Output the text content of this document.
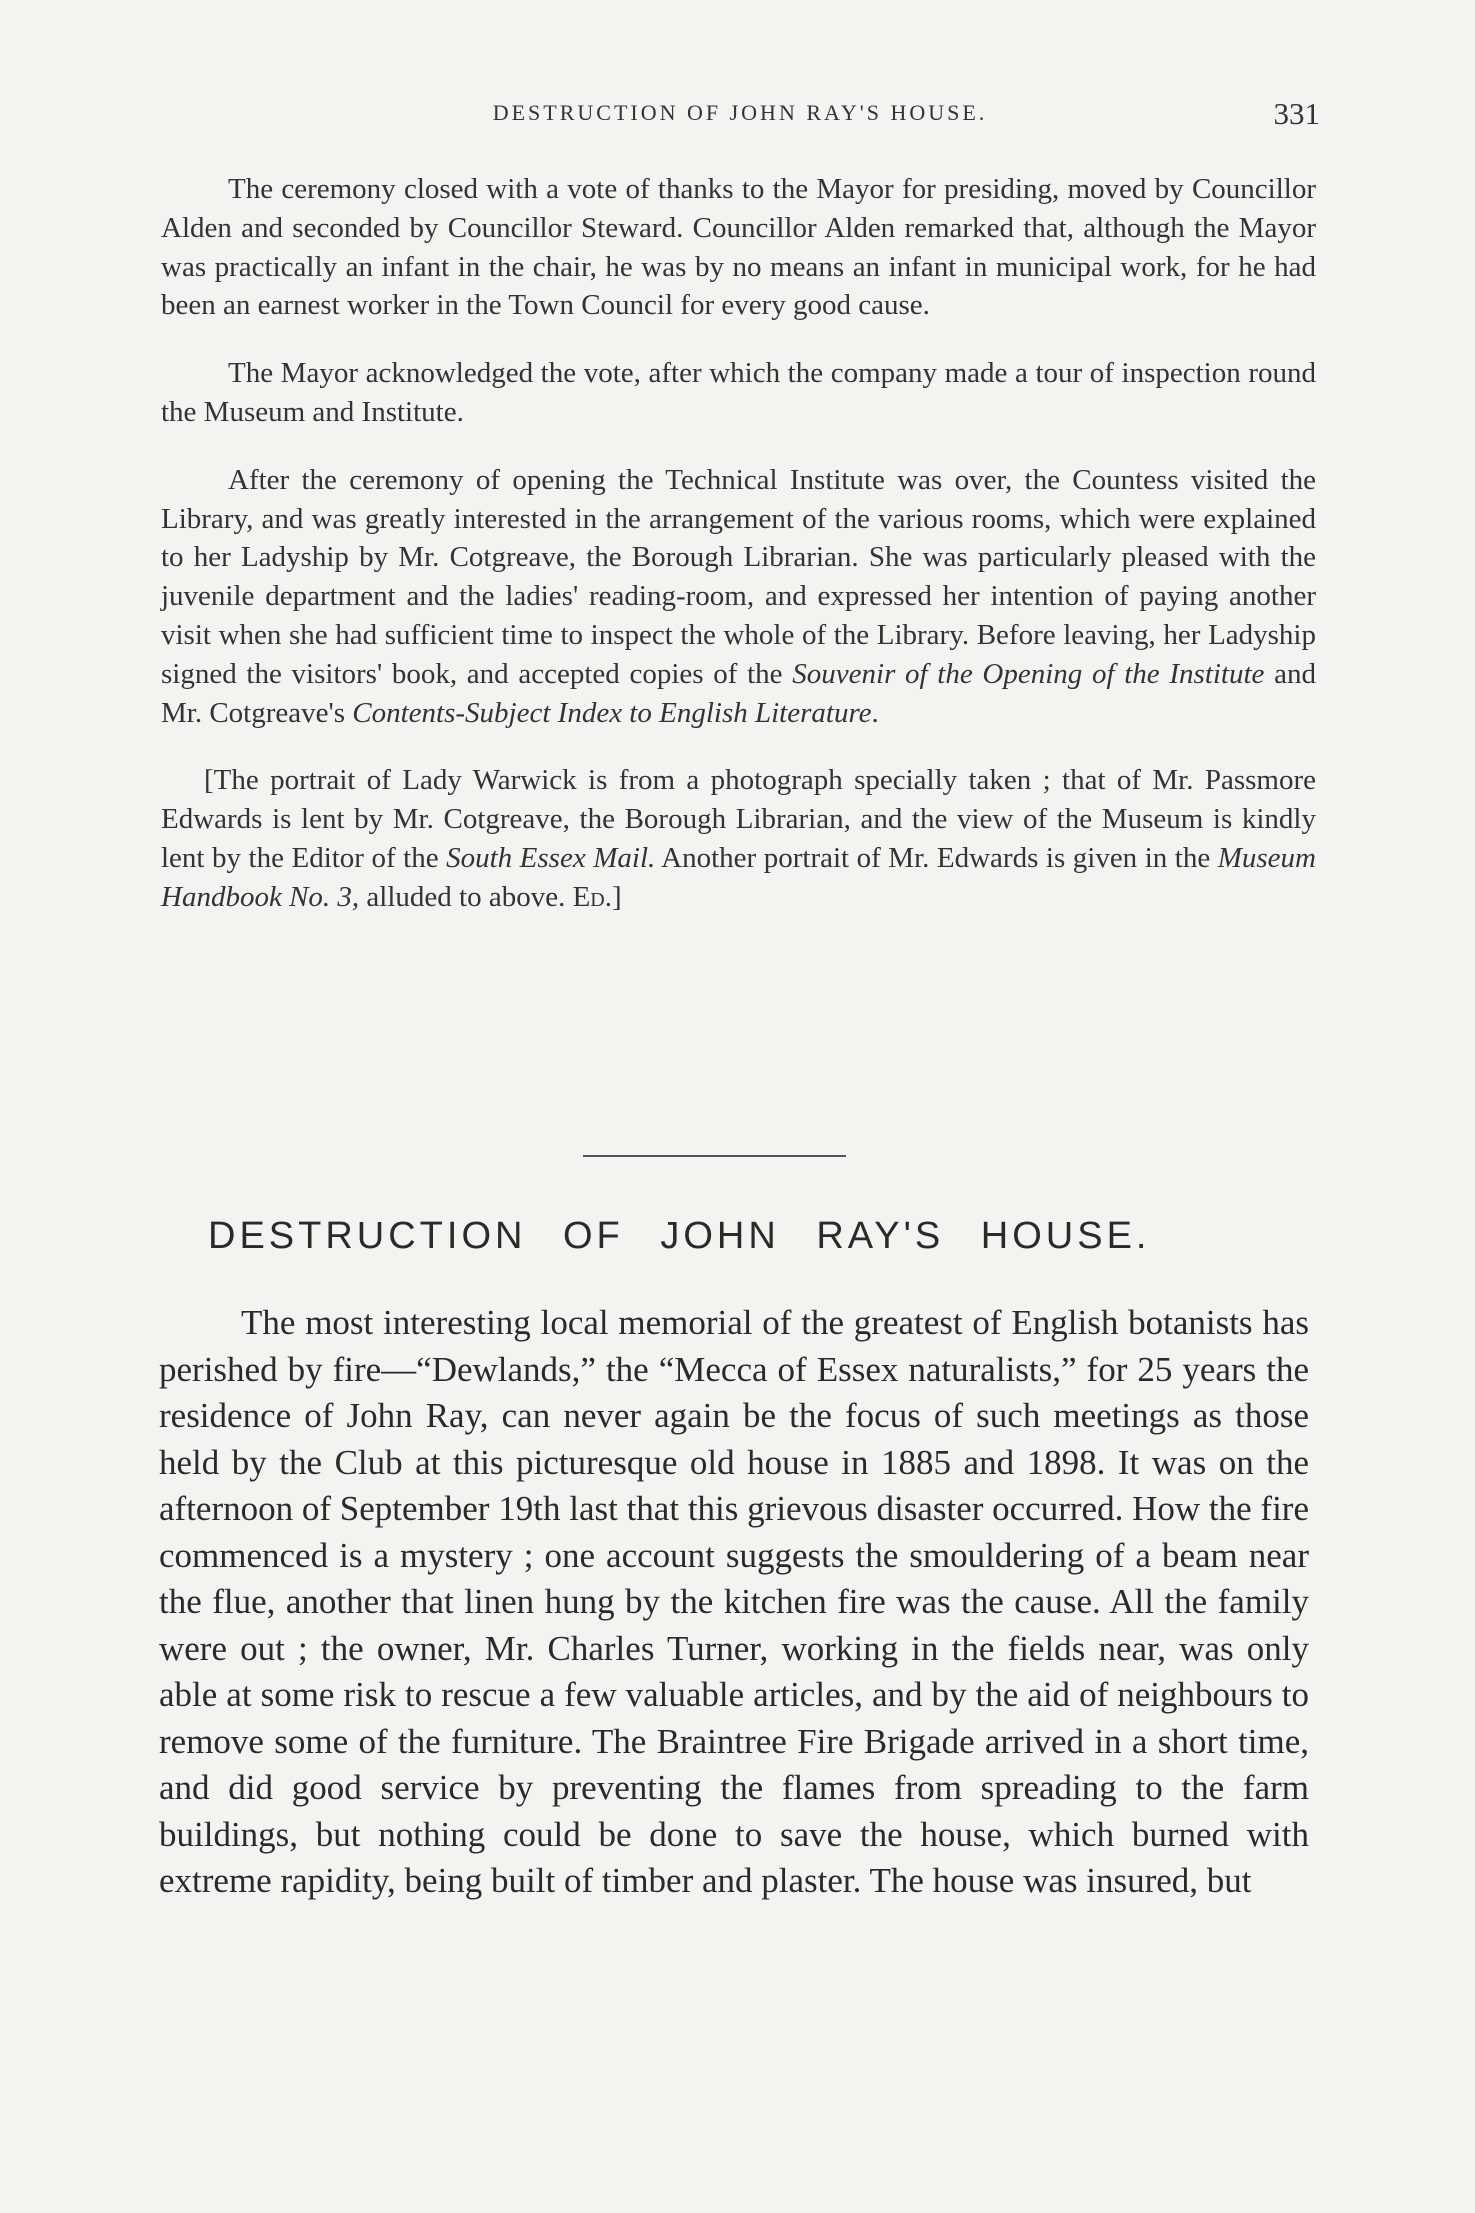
DESTRUCTION OF JOHN RAY'S HOUSE.	331

The ceremony closed with a vote of thanks to the Mayor for presiding, moved by Councillor Alden and seconded by Councillor Steward. Councillor Alden remarked that, although the Mayor was practically an infant in the chair, he was by no means an infant in municipal work, for he had been an earnest worker in the Town Council for every good cause.

The Mayor acknowledged the vote, after which the company made a tour of inspection round the Museum and Institute.

After the ceremony of opening the Technical Institute was over, the Countess visited the Library, and was greatly interested in the arrangement of the various rooms, which were explained to her Ladyship by Mr. Cotgreave, the Borough Librarian. She was particularly pleased with the juvenile department and the ladies' reading-room, and expressed her intention of paying another visit when she had sufficient time to inspect the whole of the Library. Before leaving, her Ladyship signed the visitors' book, and accepted copies of the Souvenir of the Opening of the Institute and Mr. Cotgreave's Contents-Subject Index to English Literature.

[The portrait of Lady Warwick is from a photograph specially taken ; that of Mr. Passmore Edwards is lent by Mr. Cotgreave, the Borough Librarian, and the view of the Museum is kindly lent by the Editor of the South Essex Mail. Another portrait of Mr. Edwards is given in the Museum Handbook No. 3, alluded to above. Ed.]

DESTRUCTION OF JOHN RAY'S HOUSE.

The most interesting local memorial of the greatest of English botanists has perished by fire—“Dewlands,” the “Mecca of Essex naturalists,” for 25 years the residence of John Ray, can never again be the focus of such meetings as those held by the Club at this picturesque old house in 1885 and 1898. It was on the afternoon of September 19th last that this grievous disaster occurred. How the fire commenced is a mystery ; one account suggests the smouldering of a beam near the flue, another that linen hung by the kitchen fire was the cause. All the family were out ; the owner, Mr. Charles Turner, working in the fields near, was only able at some risk to rescue a few valuable articles, and by the aid of neighbours to remove some of the furniture. The Braintree Fire Brigade arrived in a short time, and did good service by preventing the flames from spreading to the farm buildings, but nothing could be done to save the house, which burned with extreme rapidity, being built of timber and plaster. The house was insured, but
